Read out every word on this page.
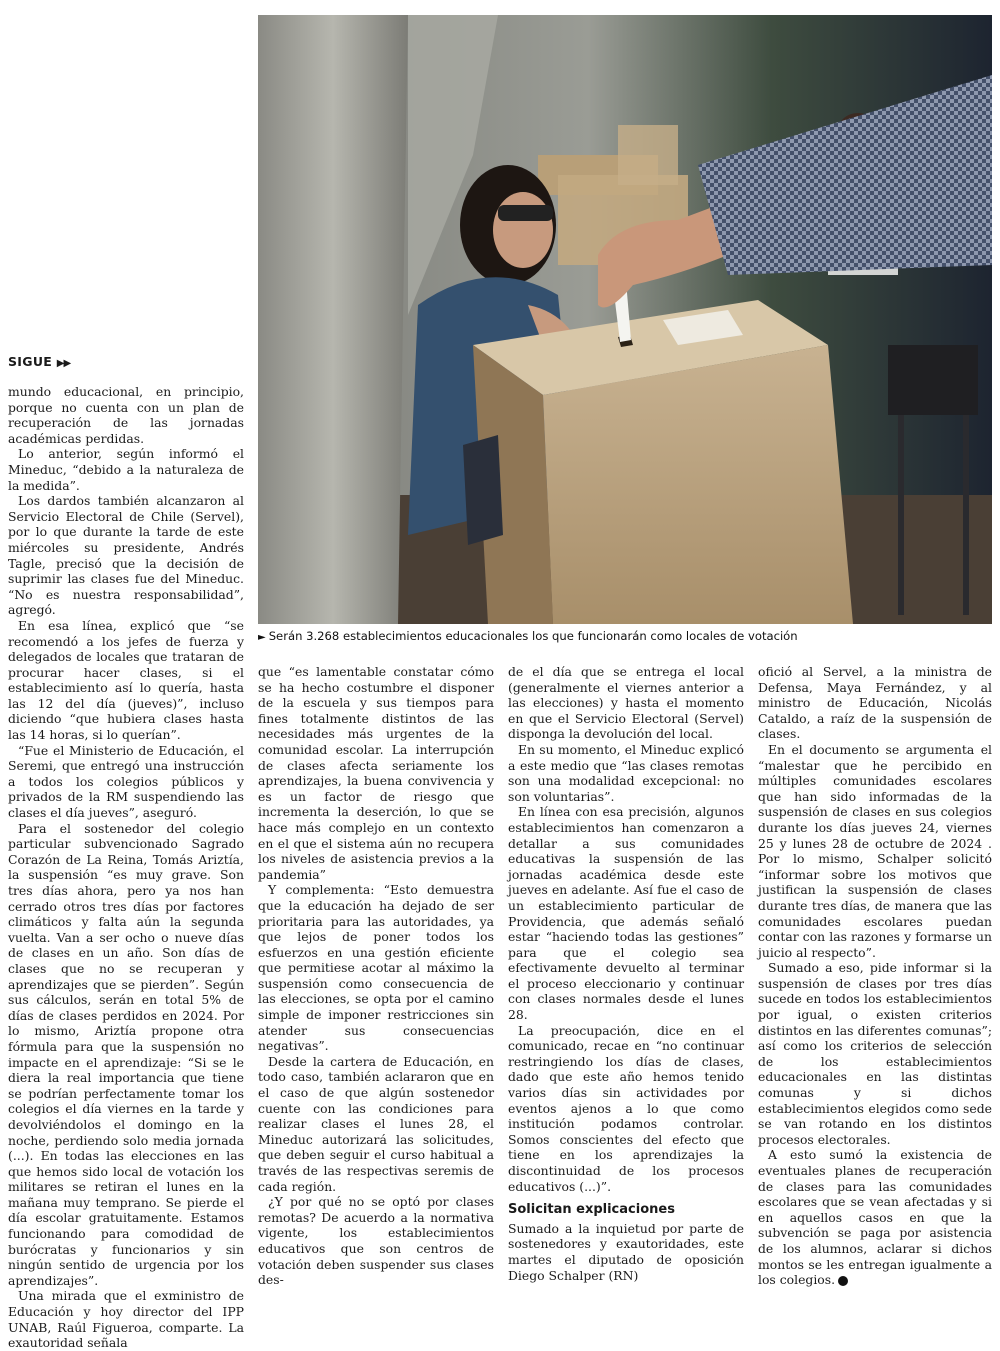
SIGUE ▶▶
► Serán 3.268 establecimientos educacionales los que funcionarán como locales de votación

mundo educacional, en principio, porque no cuenta con un plan de recuperación de las jornadas académicas perdidas.

Lo anterior, según informó el Mineduc, “debido a la naturaleza de la medida”.

Los dardos también alcanzaron al Servicio Electoral de Chile (Servel), por lo que durante la tarde de este miércoles su presidente, Andrés Tagle, precisó que la decisión de suprimir las clases fue del Mineduc. “No es nuestra responsabilidad”, agregó.

En esa línea, explicó que “se recomendó a los jefes de fuerza y delegados de locales que trataran de procurar hacer clases, si el establecimiento así lo quería, hasta las 12 del día (jueves)”, incluso diciendo “que hubiera clases hasta las 14 horas, si lo querían”.

“Fue el Ministerio de Educación, el Seremi, que entregó una instrucción a todos los colegios públicos y privados de la RM suspendiendo las clases el día jueves”, aseguró.

Para el sostenedor del colegio particular subvencionado Sagrado Corazón de La Reina, Tomás Ariztía, la suspensión “es muy grave. Son tres días ahora, pero ya nos han cerrado otros tres días por factores climáticos y falta aún la segunda vuelta. Van a ser ocho o nueve días de clases en un año. Son días de clases que no se recuperan y aprendizajes que se pierden”. Según sus cálculos, serán en total 5% de días de clases perdidos en 2024. Por lo mismo, Ariztía propone otra fórmula para que la suspensión no impacte en el aprendizaje: “Si se le diera la real importancia que tiene se podrían perfectamente tomar los colegios el día viernes en la tarde y devolviéndolos el domingo en la noche, perdiendo solo media jornada (...). En todas las elecciones en las que hemos sido local de votación los militares se retiran el lunes en la mañana muy temprano. Se pierde el día escolar gratuitamente. Estamos funcionando para comodidad de burócratas y funcionarios y sin ningún sentido de urgencia por los aprendizajes”.

Una mirada que el exministro de Educación y hoy director del IPP UNAB, Raúl Figueroa, comparte. La exautoridad señala

que “es lamentable constatar cómo se ha hecho costumbre el disponer de la escuela y sus tiempos para fines totalmente distintos de las necesidades más urgentes de la comunidad escolar. La interrupción de clases afecta seriamente los aprendizajes, la buena convivencia y es un factor de riesgo que incrementa la deserción, lo que se hace más complejo en un contexto en el que el sistema aún no recupera los niveles de asistencia previos a la pandemia”

Y complementa: “Esto demuestra que la educación ha dejado de ser prioritaria para las autoridades, ya que lejos de poner todos los esfuerzos en una gestión eficiente que permitiese acotar al máximo la suspensión como consecuencia de las elecciones, se opta por el camino simple de imponer restricciones sin atender sus consecuencias negativas”.

Desde la cartera de Educación, en todo caso, también aclararon que en el caso de que algún sostenedor cuente con las condiciones para realizar clases el lunes 28, el Mineduc autorizará las solicitudes, que deben seguir el curso habitual a través de las respectivas seremis de cada región.

¿Y por qué no se optó por clases remotas? De acuerdo a la normativa vigente, los establecimientos educativos que son centros de votación deben suspender sus clases des-

de el día que se entrega el local (generalmente el viernes anterior a las elecciones) y hasta el momento en que el Servicio Electoral (Servel) disponga la devolución del local.

En su momento, el Mineduc explicó a este medio que “las clases remotas son una modalidad excepcional: no son voluntarias”.

En línea con esa precisión, algunos establecimientos han comenzaron a detallar a sus comunidades educativas la suspensión de las jornadas académica desde este jueves en adelante. Así fue el caso de un establecimiento particular de Providencia, que además señaló estar “haciendo todas las gestiones” para que el colegio sea efectivamente devuelto al terminar el proceso eleccionario y continuar con clases normales desde el lunes 28.

La preocupación, dice en el comunicado, recae en “no continuar restringiendo los días de clases, dado que este año hemos tenido varios días sin actividades por eventos ajenos a lo que como institución podamos controlar. Somos conscientes del efecto que tiene en los aprendizajes la discontinuidad de los procesos educativos (...)”.

Solicitan explicaciones

Sumado a la inquietud por parte de sostenedores y exautoridades, este martes el diputado de oposición Diego Schalper (RN)

ofició al Servel, a la ministra de Defensa, Maya Fernández, y al ministro de Educación, Nicolás Cataldo, a raíz de la suspensión de clases.

En el documento se argumenta el “malestar que he percibido en múltiples comunidades escolares que han sido informadas de la suspensión de clases en sus colegios durante los días jueves 24, viernes 25 y lunes 28 de octubre de 2024 . Por lo mismo, Schalper solicitó “informar sobre los motivos que justifican la suspensión de clases durante tres días, de manera que las comunidades escolares puedan contar con las razones y formarse un juicio al respecto”.

Sumado a eso, pide informar si la suspensión de clases por tres días sucede en todos los establecimientos por igual, o existen criterios distintos en las diferentes comunas”; así como los criterios de selección de los establecimientos educacionales en las distintas comunas y si dichos establecimientos elegidos como sede se van rotando en los distintos procesos electorales.

A esto sumó la existencia de eventuales planes de recuperación de clases para las comunidades escolares que se vean afectadas y si en aquellos casos en que la subvención se paga por asistencia de los alumnos, aclarar si dichos montos se les entregan igualmente a los colegios.
